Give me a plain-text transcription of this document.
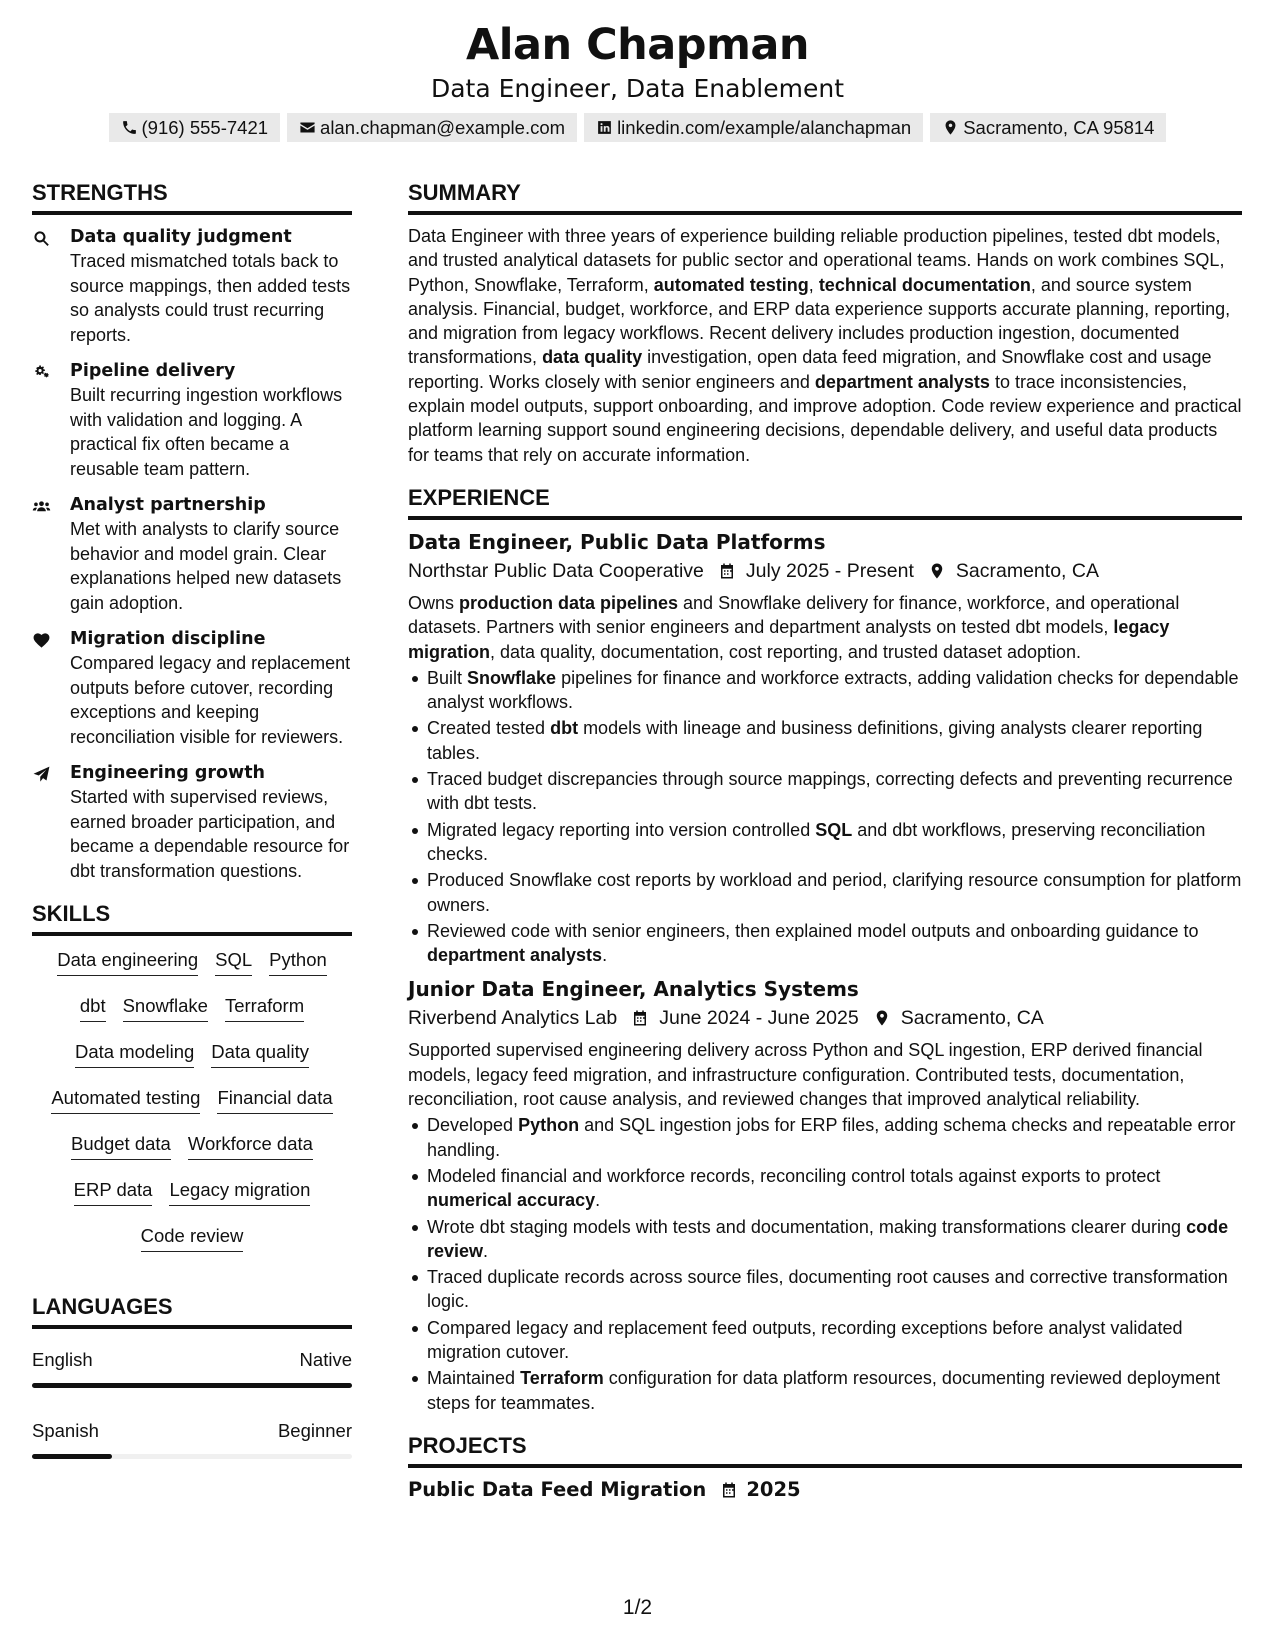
Alan Chapman
Data Engineer, Data Enablement
(916) 555-7421	alan.chapman@example.com	linkedin.com/example/alanchapman	Sacramento, CA 95814
STRENGTHS
Data quality judgment
Traced mismatched totals back to source mappings, then added tests so analysts could trust recurring reports.
Pipeline delivery
Built recurring ingestion workflows with validation and logging. A practical fix often became a reusable team pattern.
Analyst partnership
Met with analysts to clarify source behavior and model grain. Clear explanations helped new datasets gain adoption.
Migration discipline
Compared legacy and replacement outputs before cutover, recording exceptions and keeping reconciliation visible for reviewers.
Engineering growth
Started with supervised reviews, earned broader participation, and became a dependable resource for dbt transformation questions.
SKILLS
Data engineering SQL Python
dbt Snowflake Terraform
Data modeling Data quality
Automated testing Financial data
Budget data Workforce data
ERP data Legacy migration
Code review
LANGUAGES
English	Native
Spanish	Beginner
SUMMARY

Data Engineer with three years of experience building reliable production pipelines, tested dbt models, and trusted analytical datasets for public sector and operational teams. Hands on work combines SQL, Python, Snowflake, Terraform, automated testing, technical documentation, and source system analysis. Financial, budget, workforce, and ERP data experience supports accurate planning, reporting, and migration from legacy workflows. Recent delivery includes production ingestion, documented transformations, data quality investigation, open data feed migration, and Snowflake cost and usage reporting. Works closely with senior engineers and department analysts to trace inconsistencies, explain model outputs, support onboarding, and improve adoption. Code review experience and practical platform learning support sound engineering decisions, dependable delivery, and useful data products for teams that rely on accurate information.

EXPERIENCE
Data Engineer, Public Data Platforms
Northstar Public Data Cooperative July 2025 - Present Sacramento, CA

Owns production data pipelines and Snowflake delivery for finance, workforce, and operational datasets. Partners with senior engineers and department analysts on tested dbt models, legacy migration, data quality, documentation, cost reporting, and trusted dataset adoption.

Built Snowflake pipelines for finance and workforce extracts, adding validation checks for dependable analyst workflows.
Created tested dbt models with lineage and business definitions, giving analysts clearer reporting tables.
Traced budget discrepancies through source mappings, correcting defects and preventing recurrence with dbt tests.
Migrated legacy reporting into version controlled SQL and dbt workflows, preserving reconciliation checks.
Produced Snowflake cost reports by workload and period, clarifying resource consumption for platform owners.
Reviewed code with senior engineers, then explained model outputs and onboarding guidance to department analysts.
Junior Data Engineer, Analytics Systems
Riverbend Analytics Lab June 2024 - June 2025 Sacramento, CA

Supported supervised engineering delivery across Python and SQL ingestion, ERP derived financial models, legacy feed migration, and infrastructure configuration. Contributed tests, documentation, reconciliation, root cause analysis, and reviewed changes that improved analytical reliability.

Developed Python and SQL ingestion jobs for ERP files, adding schema checks and repeatable error handling.
Modeled financial and workforce records, reconciling control totals against exports to protect numerical accuracy.
Wrote dbt staging models with tests and documentation, making transformations clearer during code review.
Traced duplicate records across source files, documenting root causes and corrective transformation logic.
Compared legacy and replacement feed outputs, recording exceptions before analyst validated migration cutover.
Maintained Terraform configuration for data platform resources, documenting reviewed deployment steps for teammates.
PROJECTS
Public Data Feed Migration 2025
1/2
